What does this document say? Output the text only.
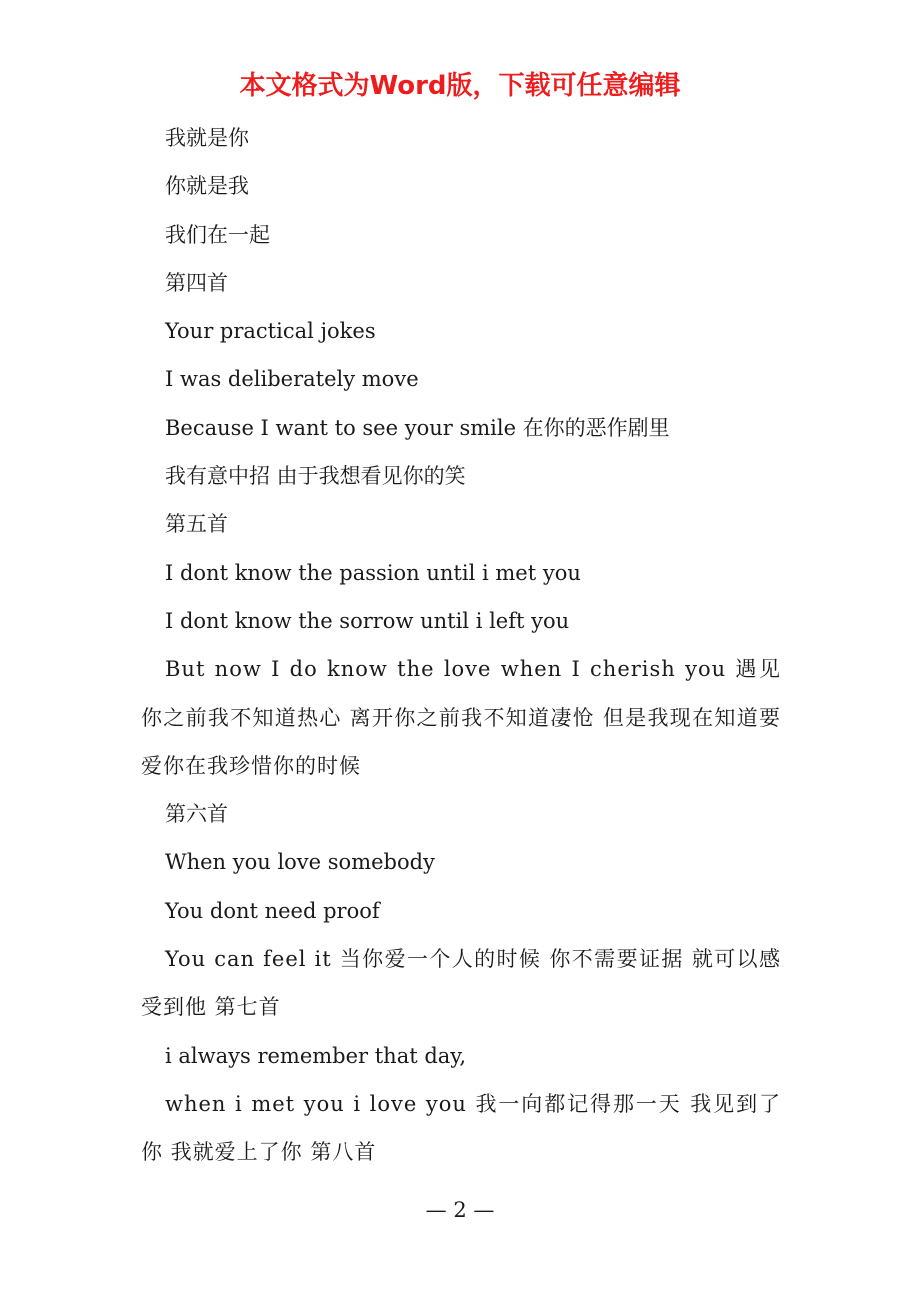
本文格式为Word版，下载可任意编辑

我就是你

你就是我

我们在一起

第四首

Your practical jokes

I was deliberately move

Because I want to see your smile 在你的恶作剧里

我有意中招 由于我想看见你的笑

第五首

I dont know the passion until i met you

I dont know the sorrow until i left you

But now I do know the love when I cherish you 遇见你之前我不知道热心 离开你之前我不知道凄怆 但是我现在知道要爱你在我珍惜你的时候

第六首

When you love somebody

You dont need proof

You can feel it 当你爱一个人的时候 你不需要证据 就可以感受到他 第七首

i always remember that day,

when i met you i love you 我一向都记得那一天 我见到了你 我就爱上了你 第八首

— 2 —
